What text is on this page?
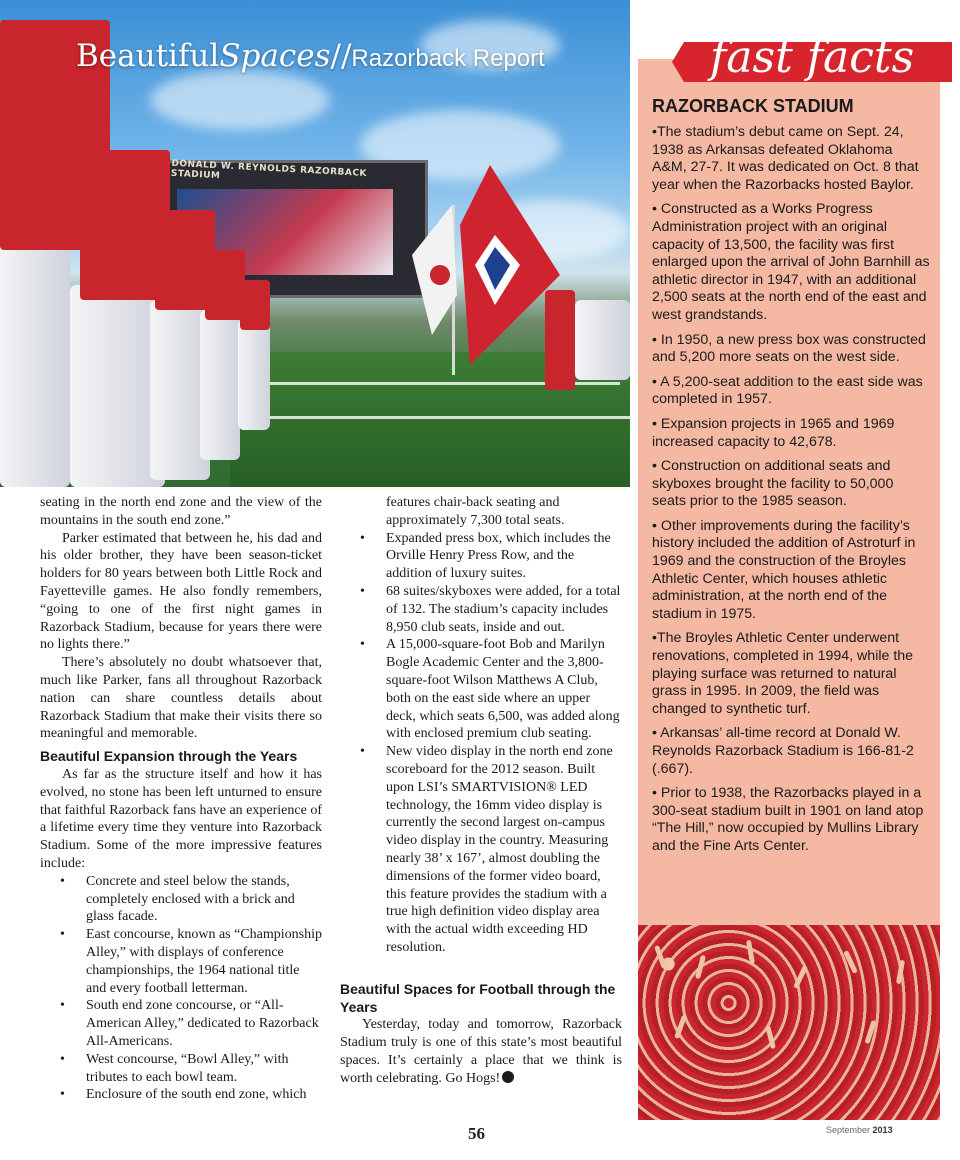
DONALD W. REYNOLDS RAZORBACK STADIUM
BeautifulSpaces//Razorback Report	fast facts
RAZORBACK STADIUM

•The stadium’s debut came on Sept. 24, 1938 as Arkansas defeated Oklahoma A&M, 27-7. It was dedicated on Oct. 8 that year when the Razorbacks hosted Baylor.

• Constructed as a Works Progress Administration project with an original capacity of 13,500, the facility was first enlarged upon the arrival of John Barnhill as athletic director in 1947, with an additional 2,500 seats at the north end of the east and west grandstands.

• In 1950, a new press box was constructed and 5,200 more seats on the west side.

• A 5,200-seat addition to the east side was completed in 1957.

• Expansion projects in 1965 and 1969 increased capacity to 42,678.

• Construction on additional seats and skyboxes brought the facility to 50,000 seats prior to the 1985 season.

• Other improvements during the facility’s history included the addition of Astroturf in 1969 and the construction of the Broyles Athletic Center, which houses athletic administration, at the north end of the stadium in 1975.

•The Broyles Athletic Center underwent renovations, completed in 1994, while the playing surface was returned to natural grass in 1995. In 2009, the field was changed to synthetic turf.

• Arkansas’ all-time record at Donald W. Reynolds Razorback Stadium is 166-81-2 (.667).

• Prior to 1938, the Razorbacks played in a 300-seat stadium built in 1901 on land atop “The Hill,” now occupied by Mullins Library and the Fine Arts Center.

seating in the north end zone and the view of the mountains in the south end zone.”

Parker estimated that between he, his dad and his older brother, they have been season-ticket holders for 80 years between both Little Rock and Fayetteville games. He also fondly remembers, “going to one of the first night games in Razorback Stadium, because for years there were no lights there.”

There’s absolutely no doubt whatsoever that, much like Parker, fans all throughout Razorback nation can share countless details about Razorback Stadium that make their visits there so meaningful and memorable.

Beautiful Expansion through the Years

As far as the structure itself and how it has evolved, no stone has been left unturned to ensure that faithful Razorback fans have an experience of a lifetime every time they venture into Razorback Stadium. Some of the more impressive features include:

• Concrete and steel below the stands, completely enclosed with a brick and glass facade.
• East concourse, known as “Championship Alley,” with displays of conference championships, the 1964 national title and every football letterman.
• South end zone concourse, or “All-American Alley,” dedicated to Razorback All-Americans.
• West concourse, “Bowl Alley,” with tributes to each bowl team.
• Enclosure of the south end zone, which

features chair-back seating and approximately 7,300 total seats.

• Expanded press box, which includes the Orville Henry Press Row, and the addition of luxury suites.
• 68 suites/skyboxes were added, for a total of 132. The stadium’s capacity includes 8,950 club seats, inside and out.
• A 15,000-square-foot Bob and Marilyn Bogle Academic Center and the 3,800-square-foot Wilson Matthews A Club, both on the east side where an upper deck, which seats 6,500, was added along with enclosed premium club seating.
• New video display in the north end zone scoreboard for the 2012 season. Built upon LSI’s SMARTVISION® LED technology, the 16mm video display is currently the second largest on-campus video display in the country. Measuring nearly 38’ x 167’, almost doubling the dimensions of the former video board, this feature provides the stadium with a true high definition video display area with the actual width exceeding HD resolution.

Beautiful Spaces for Football through the Years

Yesterday, today and tomorrow, Razorback Stadium truly is one of this state’s most beautiful spaces. It’s certainly a place that we think is worth celebrating. Go Hogs!

56	September 2013
